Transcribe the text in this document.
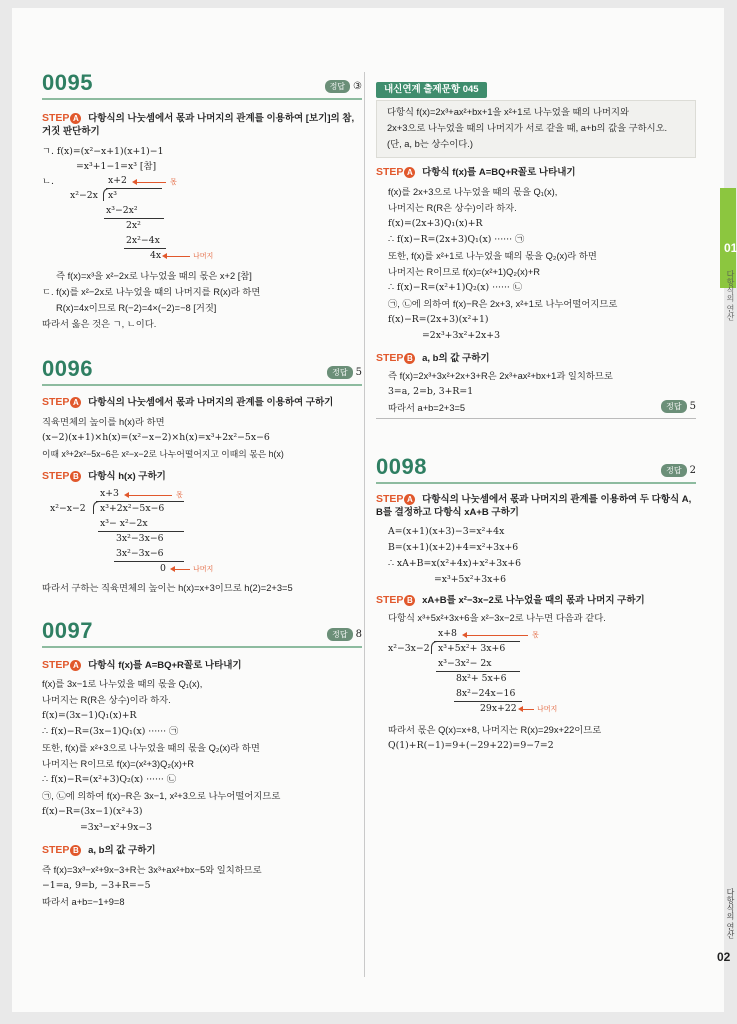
0095	정답 ③
STEP A 다항식의 나눗셈에서 몫과 나머지의 관계를 이용하여 [보기]의 참, 거짓 판단하기
ㄱ. f(x)=(x²−x+1)(x+1)−1
=x³+1−1=x³ [참]
ㄴ.	x+2	몫
x²−2x x³
x³−2x²
2x²
2x²−4x
4x	나머지
즉 f(x)=x³을 x²−2x로 나누었을 때의 몫은 x+2 [참]
ㄷ. f(x)를 x²−2x로 나누었을 때의 나머지를 R(x)라 하면
R(x)=4x이므로 R(−2)=4×(−2)=−8 [거짓]
따라서 옳은 것은 ㄱ, ㄴ이다.
0096	정답 5
STEP A 다항식의 나눗셈에서 몫과 나머지의 관계를 이용하여 구하기
직육면체의 높이를 h(x)라 하면
(x−2)(x+1)×h(x)=(x²−x−2)×h(x)=x³+2x²−5x−6
이때 x³+2x²−5x−6은 x²−x−2로 나누어떨어지고 이때의 몫은 h(x)
STEP B 다항식 h(x) 구하기
x+3	몫
x²−x−2 x³+2x²−5x−6
x³− x²−2x
3x²−3x−6
3x²−3x−6
0	나머지
따라서 구하는 직육면체의 높이는 h(x)=x+3이므로 h(2)=2+3=5
0097	정답 8
STEP A 다항식 f(x)를 A=BQ+R꼴로 나타내기
f(x)를 3x−1로 나누었을 때의 몫을 Q₁(x),
나머지는 R(R은 상수)이라 하자.
f(x)=(3x−1)Q₁(x)+R
∴ f(x)−R=(3x−1)Q₁(x) ······ ㉠
또한, f(x)를 x²+3으로 나누었을 때의 몫을 Q₂(x)라 하면
나머지는 R이므로 f(x)=(x²+3)Q₂(x)+R
∴ f(x)−R=(x²+3)Q₂(x) ······ ㉡
㉠, ㉡에 의하여 f(x)−R은 3x−1, x²+3으로 나누어떨어지므로
f(x)−R=(3x−1)(x²+3)
=3x³−x²+9x−3
STEP B a, b의 값 구하기
즉 f(x)=3x³−x²+9x−3+R는 3x³+ax²+bx−5와 일치하므로
−1=a, 9=b, −3+R=−5
따라서 a+b=−1+9=8
내신연계 출제문항 045
다항식 f(x)=2x³+ax²+bx+1을 x²+1로 나누었을 때의 나머지와
2x+3으로 나누었을 때의 나머지가 서로 같을 때, a+b의 값을 구하시오.
(단, a, b는 상수이다.)
STEP A 다항식 f(x)를 A=BQ+R꼴로 나타내기
f(x)를 2x+3으로 나누었을 때의 몫을 Q₁(x),
나머지는 R(R은 상수)이라 하자.
f(x)=(2x+3)Q₁(x)+R
∴ f(x)−R=(2x+3)Q₁(x) ······ ㉠
또한, f(x)를 x²+1로 나누었을 때의 몫을 Q₂(x)라 하면
나머지는 R이므로 f(x)=(x²+1)Q₂(x)+R
∴ f(x)−R=(x²+1)Q₂(x) ······ ㉡
㉠, ㉡에 의하여 f(x)−R은 2x+3, x²+1로 나누어떨어지므로
f(x)−R=(2x+3)(x²+1)
=2x³+3x²+2x+3
STEP B a, b의 값 구하기
즉 f(x)=2x³+3x²+2x+3+R은 2x³+ax²+bx+1과 일치하므로
3=a, 2=b, 3+R=1
따라서 a+b=2+3=5	정답 5
0098	정답 2
STEP A 다항식의 나눗셈에서 몫과 나머지의 관계를 이용하여 두 다항식 A, B를 결정하고 다항식 xA+B 구하기
A=(x+1)(x+3)−3=x²+4x
B=(x+1)(x+2)+4=x²+3x+6
∴ xA+B=x(x²+4x)+x²+3x+6
=x³+5x²+3x+6
STEP B xA+B를 x²−3x−2로 나누었을 때의 몫과 나머지 구하기
다항식 x³+5x²+3x+6을 x²−3x−2로 나누면 다음과 같다.
x+8	몫
x²−3x−2 x³+5x²+ 3x+6
x³−3x²− 2x
8x²+ 5x+6
8x²−24x−16
29x+22	나머지
따라서 몫은 Q(x)=x+8, 나머지는 R(x)=29x+22이므로
Q(1)+R(−1)=9+(−29+22)=9−7=2
01
다항식의 연산
다항식의 연산
02
